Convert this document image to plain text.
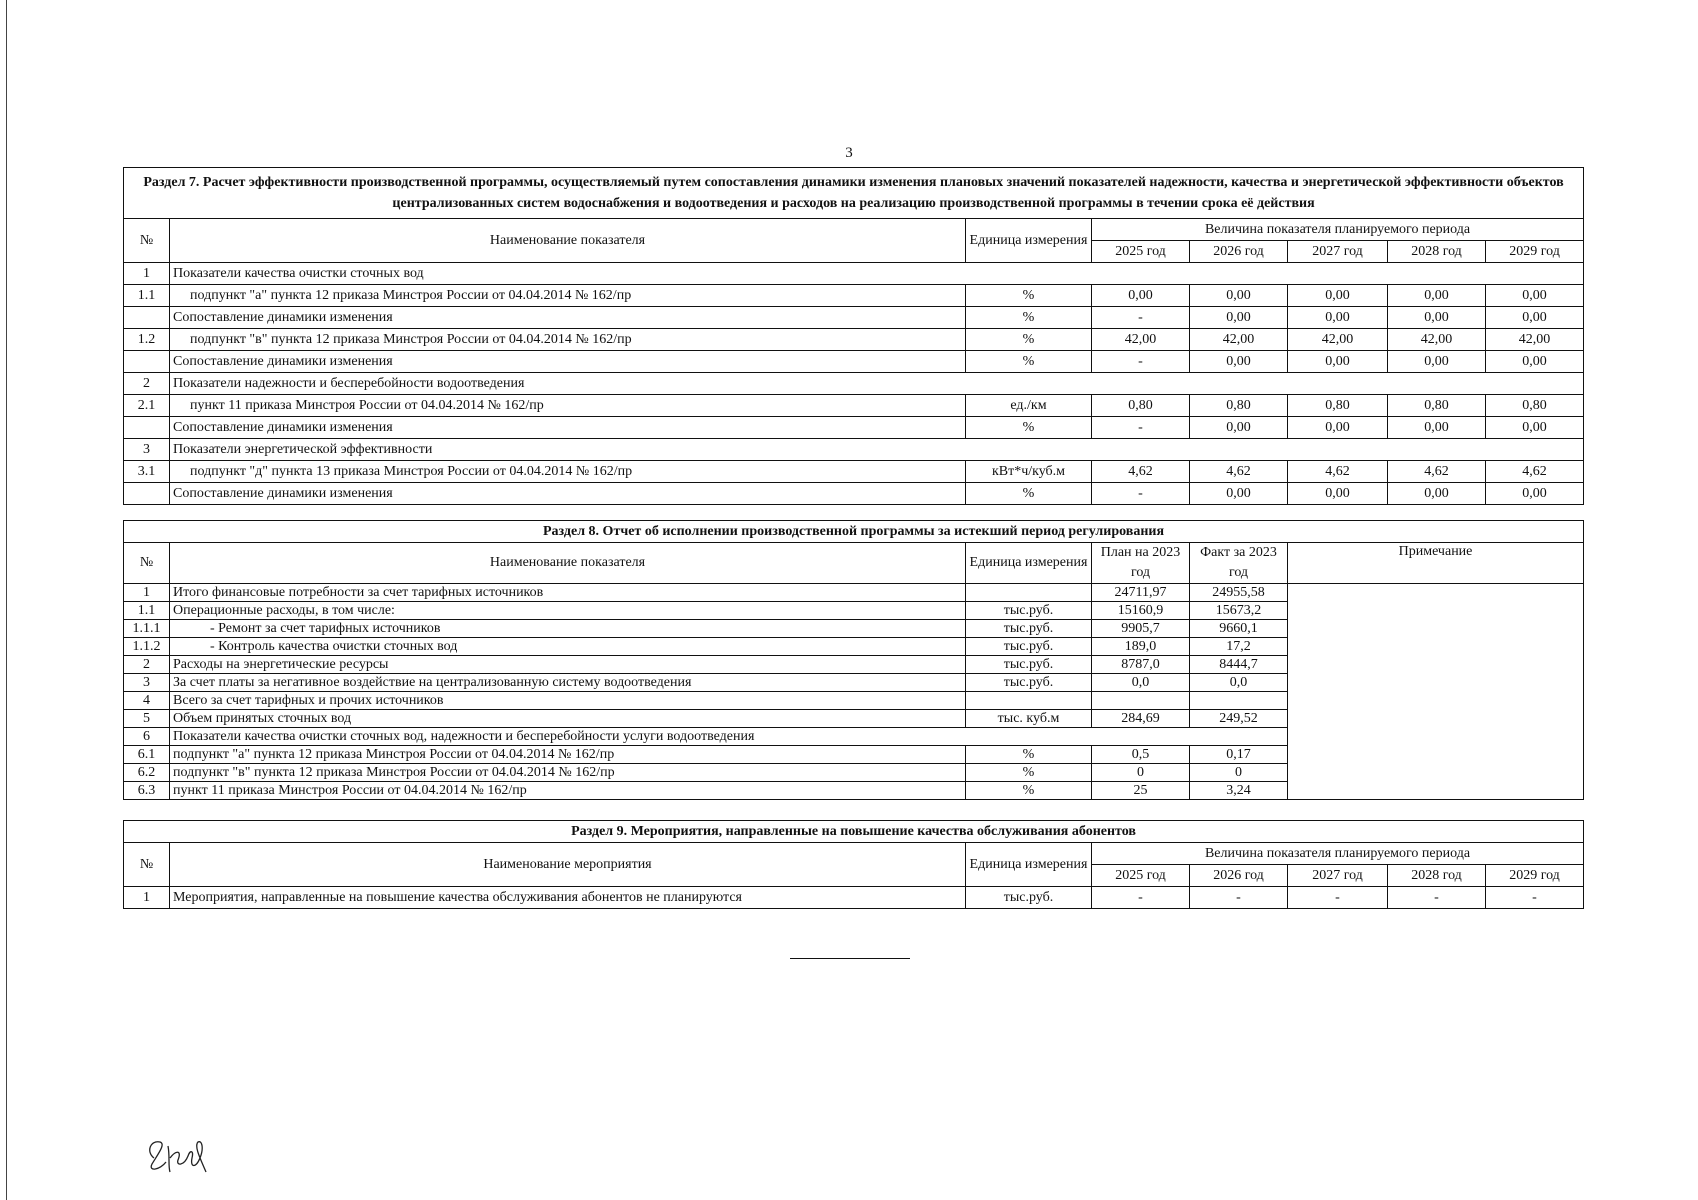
3
Раздел 7. Расчет эффективности производственной программы, осуществляемый путем сопоставления динамики изменения плановых значений показателей надежности, качества и энергетической эффективности объектов централизованных систем водоснабжения и водоотведения и расходов на реализацию производственной программы в течении срока её действия							
№	Наименование показателя	Единица измерения	Величина показателя планируемого периода				
			2025 год	2026 год	2027 год	2028 год	2029 год
1	Показатели качества очистки сточных вод						
1.1	подпункт "а" пункта 12 приказа Минстроя России от 04.04.2014 № 162/пр	%	0,00	0,00	0,00	0,00	0,00
	Сопоставление динамики изменения	%	-	0,00	0,00	0,00	0,00
1.2	подпункт "в" пункта 12 приказа Минстроя России от 04.04.2014 № 162/пр	%	42,00	42,00	42,00	42,00	42,00
	Сопоставление динамики изменения	%	-	0,00	0,00	0,00	0,00
2	Показатели надежности и бесперебойности водоотведения						
2.1	пункт 11 приказа Минстроя России от 04.04.2014 № 162/пр	ед./км	0,80	0,80	0,80	0,80	0,80
	Сопоставление динамики изменения	%	-	0,00	0,00	0,00	0,00
3	Показатели энергетической эффективности						
3.1	подпункт "д" пункта 13 приказа Минстроя России от 04.04.2014 № 162/пр	кВт*ч/куб.м	4,62	4,62	4,62	4,62	4,62
	Сопоставление динамики изменения	%	-	0,00	0,00	0,00	0,00
Раздел 8. Отчет об исполнении производственной программы за истекший период регулирования					
№	Наименование показателя	Единица измерения	План на 2023 год	Факт за 2023 год	Примечание
1	Итого финансовые потребности за счет тарифных источников		24711,97	24955,58	
1.1	Операционные расходы, в том числе:	тыс.руб.	15160,9	15673,2	
1.1.1	- Ремонт за счет тарифных источников	тыс.руб.	9905,7	9660,1	
1.1.2	- Контроль качества очистки сточных вод	тыс.руб.	189,0	17,2	
2	Расходы на энергетические ресурсы	тыс.руб.	8787,0	8444,7	
3	За счет платы за негативное воздействие на централизованную систему водоотведения	тыс.руб.	0,0	0,0	
4	Всего за счет тарифных и прочих источников				
5	Объем принятых сточных вод	тыс. куб.м	284,69	249,52	
6	Показатели качества очистки сточных вод, надежности и бесперебойности услуги водоотведения				
6.1	подпункт "а" пункта 12 приказа Минстроя России от 04.04.2014 № 162/пр	%	0,5	0,17	
6.2	подпункт "в" пункта 12 приказа Минстроя России от 04.04.2014 № 162/пр	%	0	0	
6.3	пункт 11 приказа Минстроя России от 04.04.2014 № 162/пр	%	25	3,24	
Раздел 9. Мероприятия, направленные на повышение качества обслуживания абонентов							
№	Наименование мероприятия	Единица измерения	Величина показателя планируемого периода				
			2025 год	2026 год	2027 год	2028 год	2029 год
1	Мероприятия, направленные на повышение качества обслуживания абонентов не планируются	тыс.руб.	-	-	-	-	-
